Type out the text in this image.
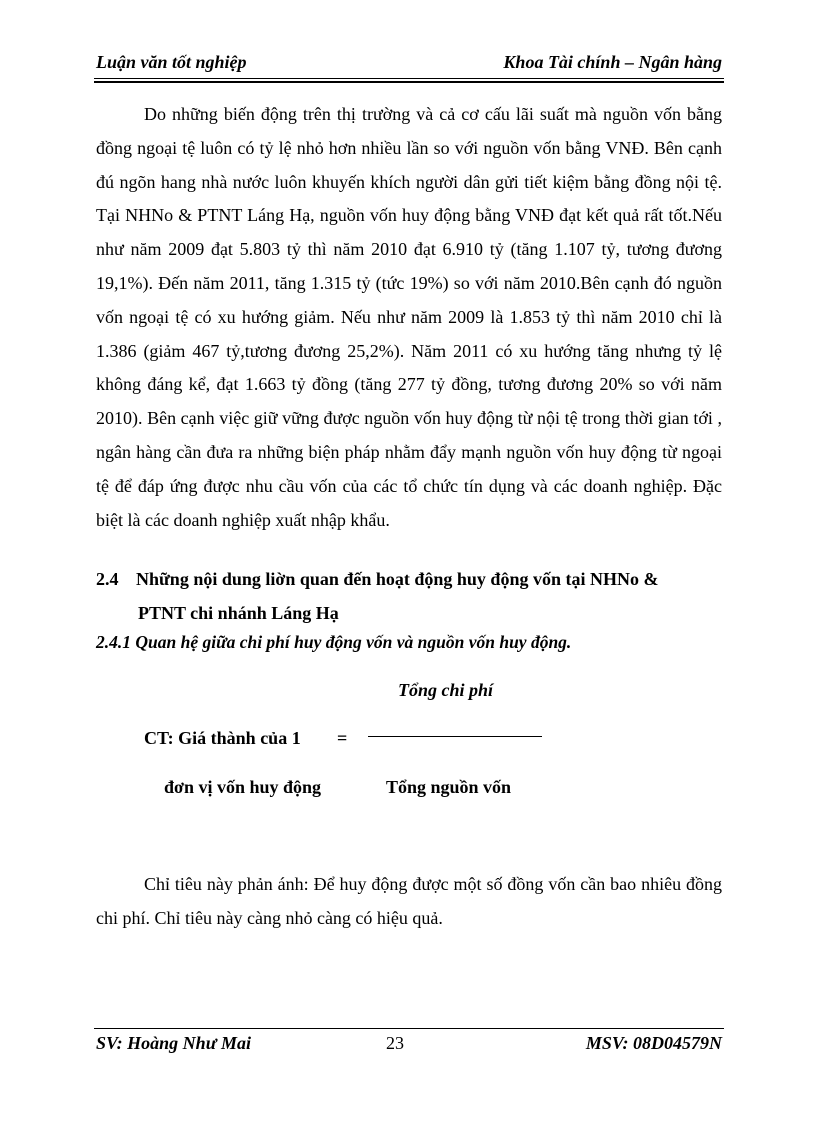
Luận văn tốt nghiệp	Khoa Tài chính – Ngân hàng
Do những biến động trên thị trường và cả cơ cấu lãi suất mà nguồn vốn bằng đồng ngoại tệ luôn có tỷ lệ nhỏ hơn nhiều lần so với nguồn vốn bằng VNĐ. Bên cạnh đú ngõn hang nhà nước luôn khuyến khích người dân gửi tiết kiệm bằng đồng nội tệ. Tại NHNo & PTNT Láng Hạ, nguồn vốn huy động bằng VNĐ đạt kết quả rất tốt.Nếu như năm 2009 đạt 5.803 tỷ thì năm 2010 đạt 6.910 tỷ (tăng 1.107 tỷ, tương đương 19,1%). Đến năm 2011, tăng 1.315 tỷ (tức 19%) so với năm 2010.Bên cạnh đó nguồn vốn ngoại tệ có xu hướng giảm. Nếu như năm 2009 là 1.853 tỷ thì năm 2010 chỉ là 1.386 (giảm 467 tỷ,tương đương 25,2%). Năm 2011 có xu hướng tăng nhưng tỷ lệ không đáng kể, đạt 1.663 tỷ đồng (tăng 277 tỷ đồng, tương đương 20% so với năm 2010). Bên cạnh việc giữ vững được nguồn vốn huy động từ nội tệ trong thời gian tới , ngân hàng cần đưa ra những biện pháp nhằm đẩy mạnh nguồn vốn huy động từ ngoại tệ để đáp ứng được nhu cầu vốn của các tổ chức tín dụng và các doanh nghiệp. Đặc biệt là các doanh nghiệp xuất nhập khẩu.
2.4 Những nội dung liờn quan đến hoạt động huy động vốn tại NHNo &
PTNT chi nhánh Láng Hạ
2.4.1 Quan hệ giữa chi phí huy động vốn và nguồn vốn huy động.
Tổng chi phí
CT: Giá thành của 1 =
đơn vị vốn huy động	Tổng nguồn vốn
Chỉ tiêu này phản ánh: Để huy động được một số đồng vốn cần bao nhiêu đồng chi phí. Chỉ tiêu này càng nhỏ càng có hiệu quả.
SV: Hoàng Như Mai	23	MSV: 08D04579N
